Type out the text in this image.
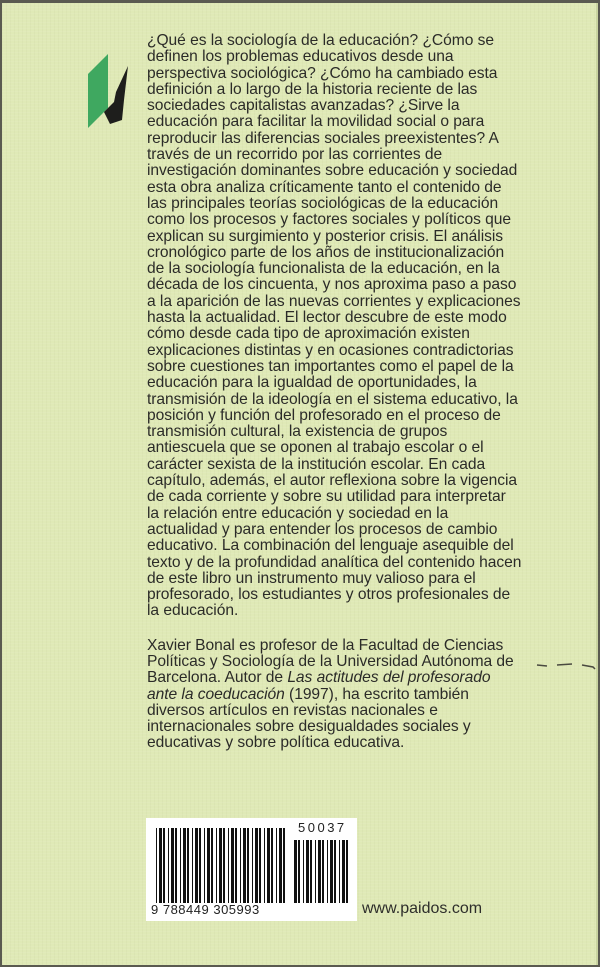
¿Qué es la sociología de la educación? ¿Cómo se definen los problemas educativos desde una perspectiva sociológica? ¿Cómo ha cambiado esta definición a lo largo de la historia reciente de las sociedades capitalistas avanzadas? ¿Sirve la educación para facilitar la movilidad social o para reproducir las diferencias sociales preexistentes? A través de un recorrido por las corrientes de investigación dominantes sobre educación y sociedad esta obra analiza críticamente tanto el contenido de las principales teorías sociológicas de la educación como los procesos y factores sociales y políticos que explican su surgimiento y posterior crisis. El análisis cronológico parte de los años de institucionalización de la sociología funcionalista de la educación, en la década de los cincuenta, y nos aproxima paso a paso a la aparición de las nuevas corrientes y explicaciones hasta la actualidad. El lector descubre de este modo cómo desde cada tipo de aproximación existen explicaciones distintas y en ocasiones contradictorias sobre cuestiones tan importantes como el papel de la educación para la igualdad de oportunidades, la transmisión de la ideología en el sistema educativo, la posición y función del profesorado en el proceso de transmisión cultural, la existencia de grupos antiescuela que se oponen al trabajo escolar o el carácter sexista de la institución escolar. En cada capítulo, además, el autor reflexiona sobre la vigencia de cada corriente y sobre su utilidad para interpretar la relación entre educación y sociedad en la actualidad y para entender los procesos de cambio educativo. La combinación del lenguaje asequible del texto y de la profundidad analítica del contenido hacen de este libro un instrumento muy valioso para el profesorado, los estudiantes y otros profesionales de la educación.

Xavier Bonal es profesor de la Facultad de Ciencias Políticas y Sociología de la Universidad Autónoma de Barcelona. Autor de Las actitudes del profesorado ante la coeducación (1997), ha escrito también diversos artículos en revistas nacionales e internacionales sobre desigualdades sociales y educativas y sobre política educativa.

50037
9 788449 305993	www.paidos.com
